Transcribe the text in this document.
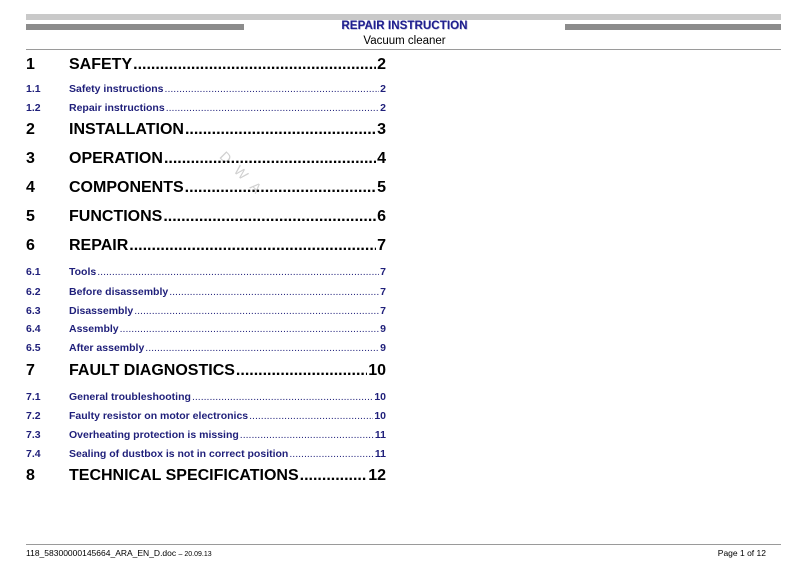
REPAIR INSTRUCTION
Vacuum cleaner
DWA
1 SAFETY .....	2
1.1	Safety instructions .....	2
1.2	Repair instructions .....	2
2 INSTALLATION .....	3
3 OPERATION .....	4
4 COMPONENTS .....	5
5 FUNCTIONS .....	6
6 REPAIR .....	7
6.1	Tools .....	7
6.2	Before disassembly .....	7
6.3	Disassembly .....	7
6.4	Assembly .....	9
6.5	After assembly .....	9
7 FAULT DIAGNOSTICS .....	10
7.1	General troubleshooting .....	10
7.2	Faulty resistor on motor electronics .....	10
7.3	Overheating protection is missing .....	11
7.4	Sealing of dustbox is not in correct position .....	11
8 TECHNICAL SPECIFICATIONS .....	12
118_58300000145664_ARA_EN_D.doc – 20.09.13	Page 1 of 12
